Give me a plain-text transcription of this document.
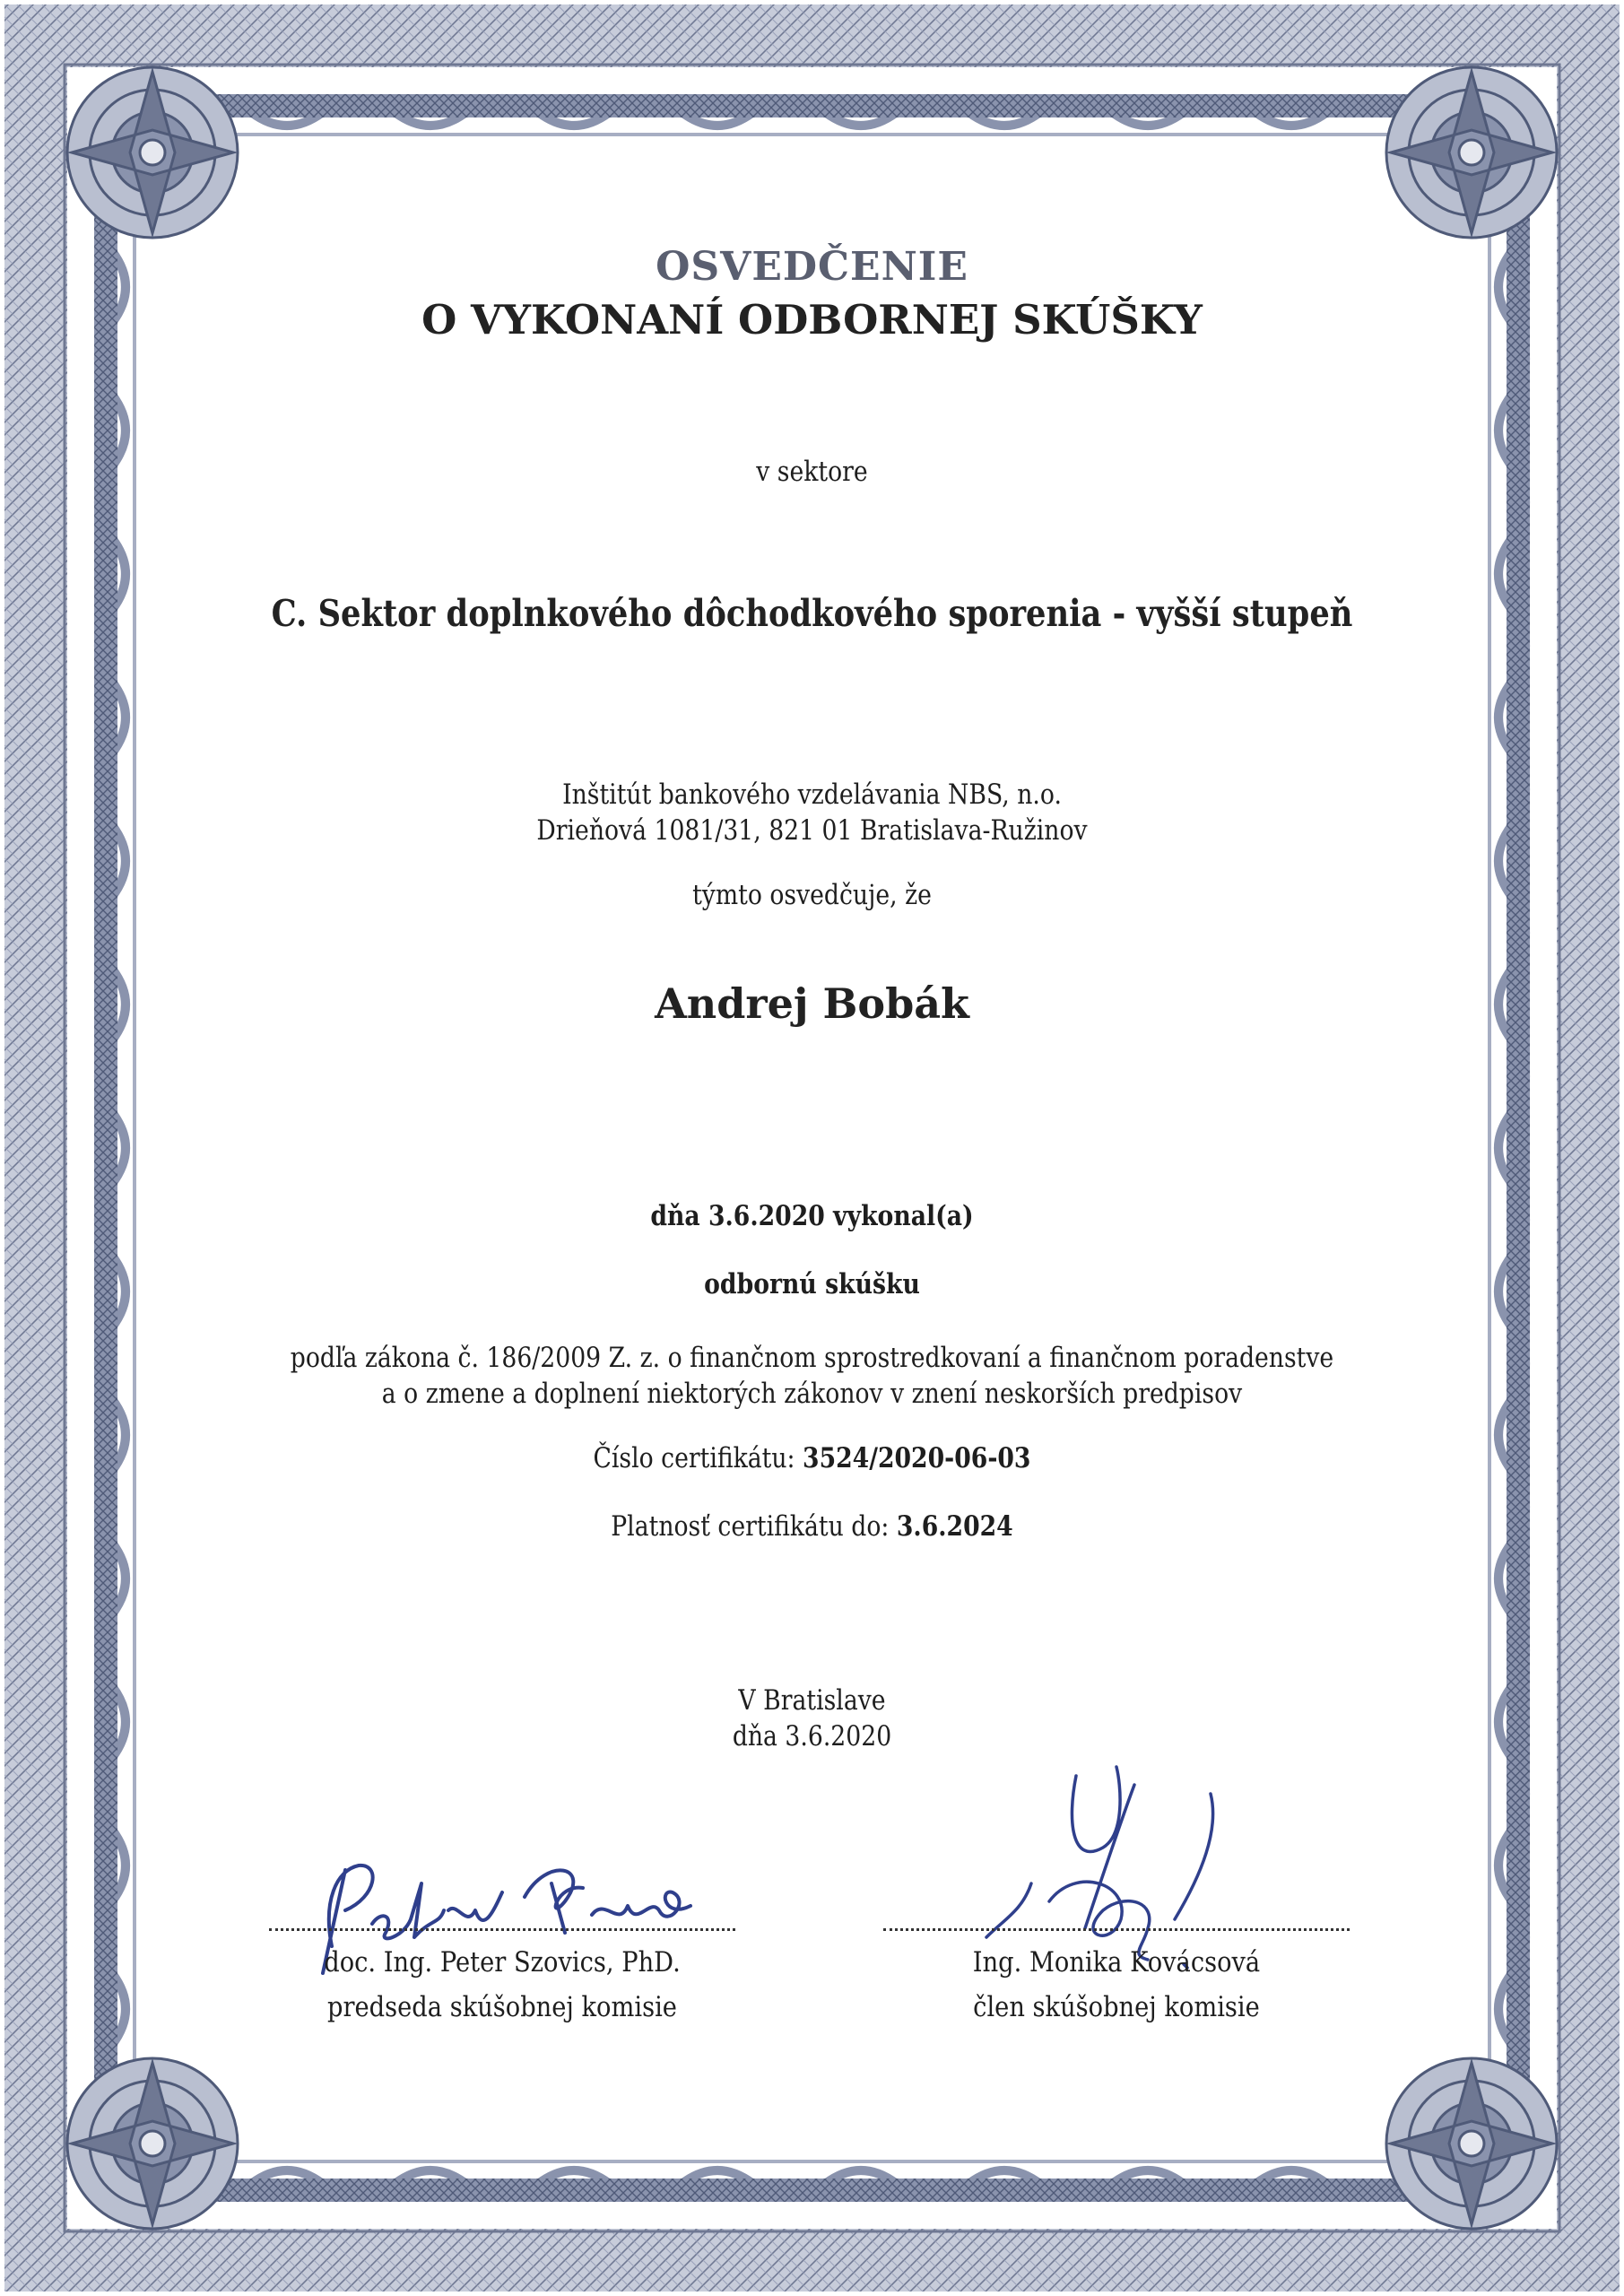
OSVEDČENIE
O VYKONANÍ ODBORNEJ SKÚŠKY
v sektore
C. Sektor doplnkového dôchodkového sporenia - vyšší stupeň
Inštitút bankového vzdelávania NBS, n.o.
Drieňová 1081/31, 821 01 Bratislava-Ružinov
týmto osvedčuje, že
Andrej Bobák
dňa 3.6.2020 vykonal(a)
odbornú skúšku
podľa zákona č. 186/2009 Z. z. o finančnom sprostredkovaní a finančnom poradenstve
a o zmene a doplnení niektorých zákonov v znení neskorších predpisov
Číslo certifikátu: 3524/2020-06-03
Platnosť certifikátu do: 3.6.2024
V Bratislave
dňa 3.6.2020
doc. Ing. Peter Szovics, PhD.
predseda skúšobnej komisie
Ing. Monika Kovácsová
člen skúšobnej komisie
